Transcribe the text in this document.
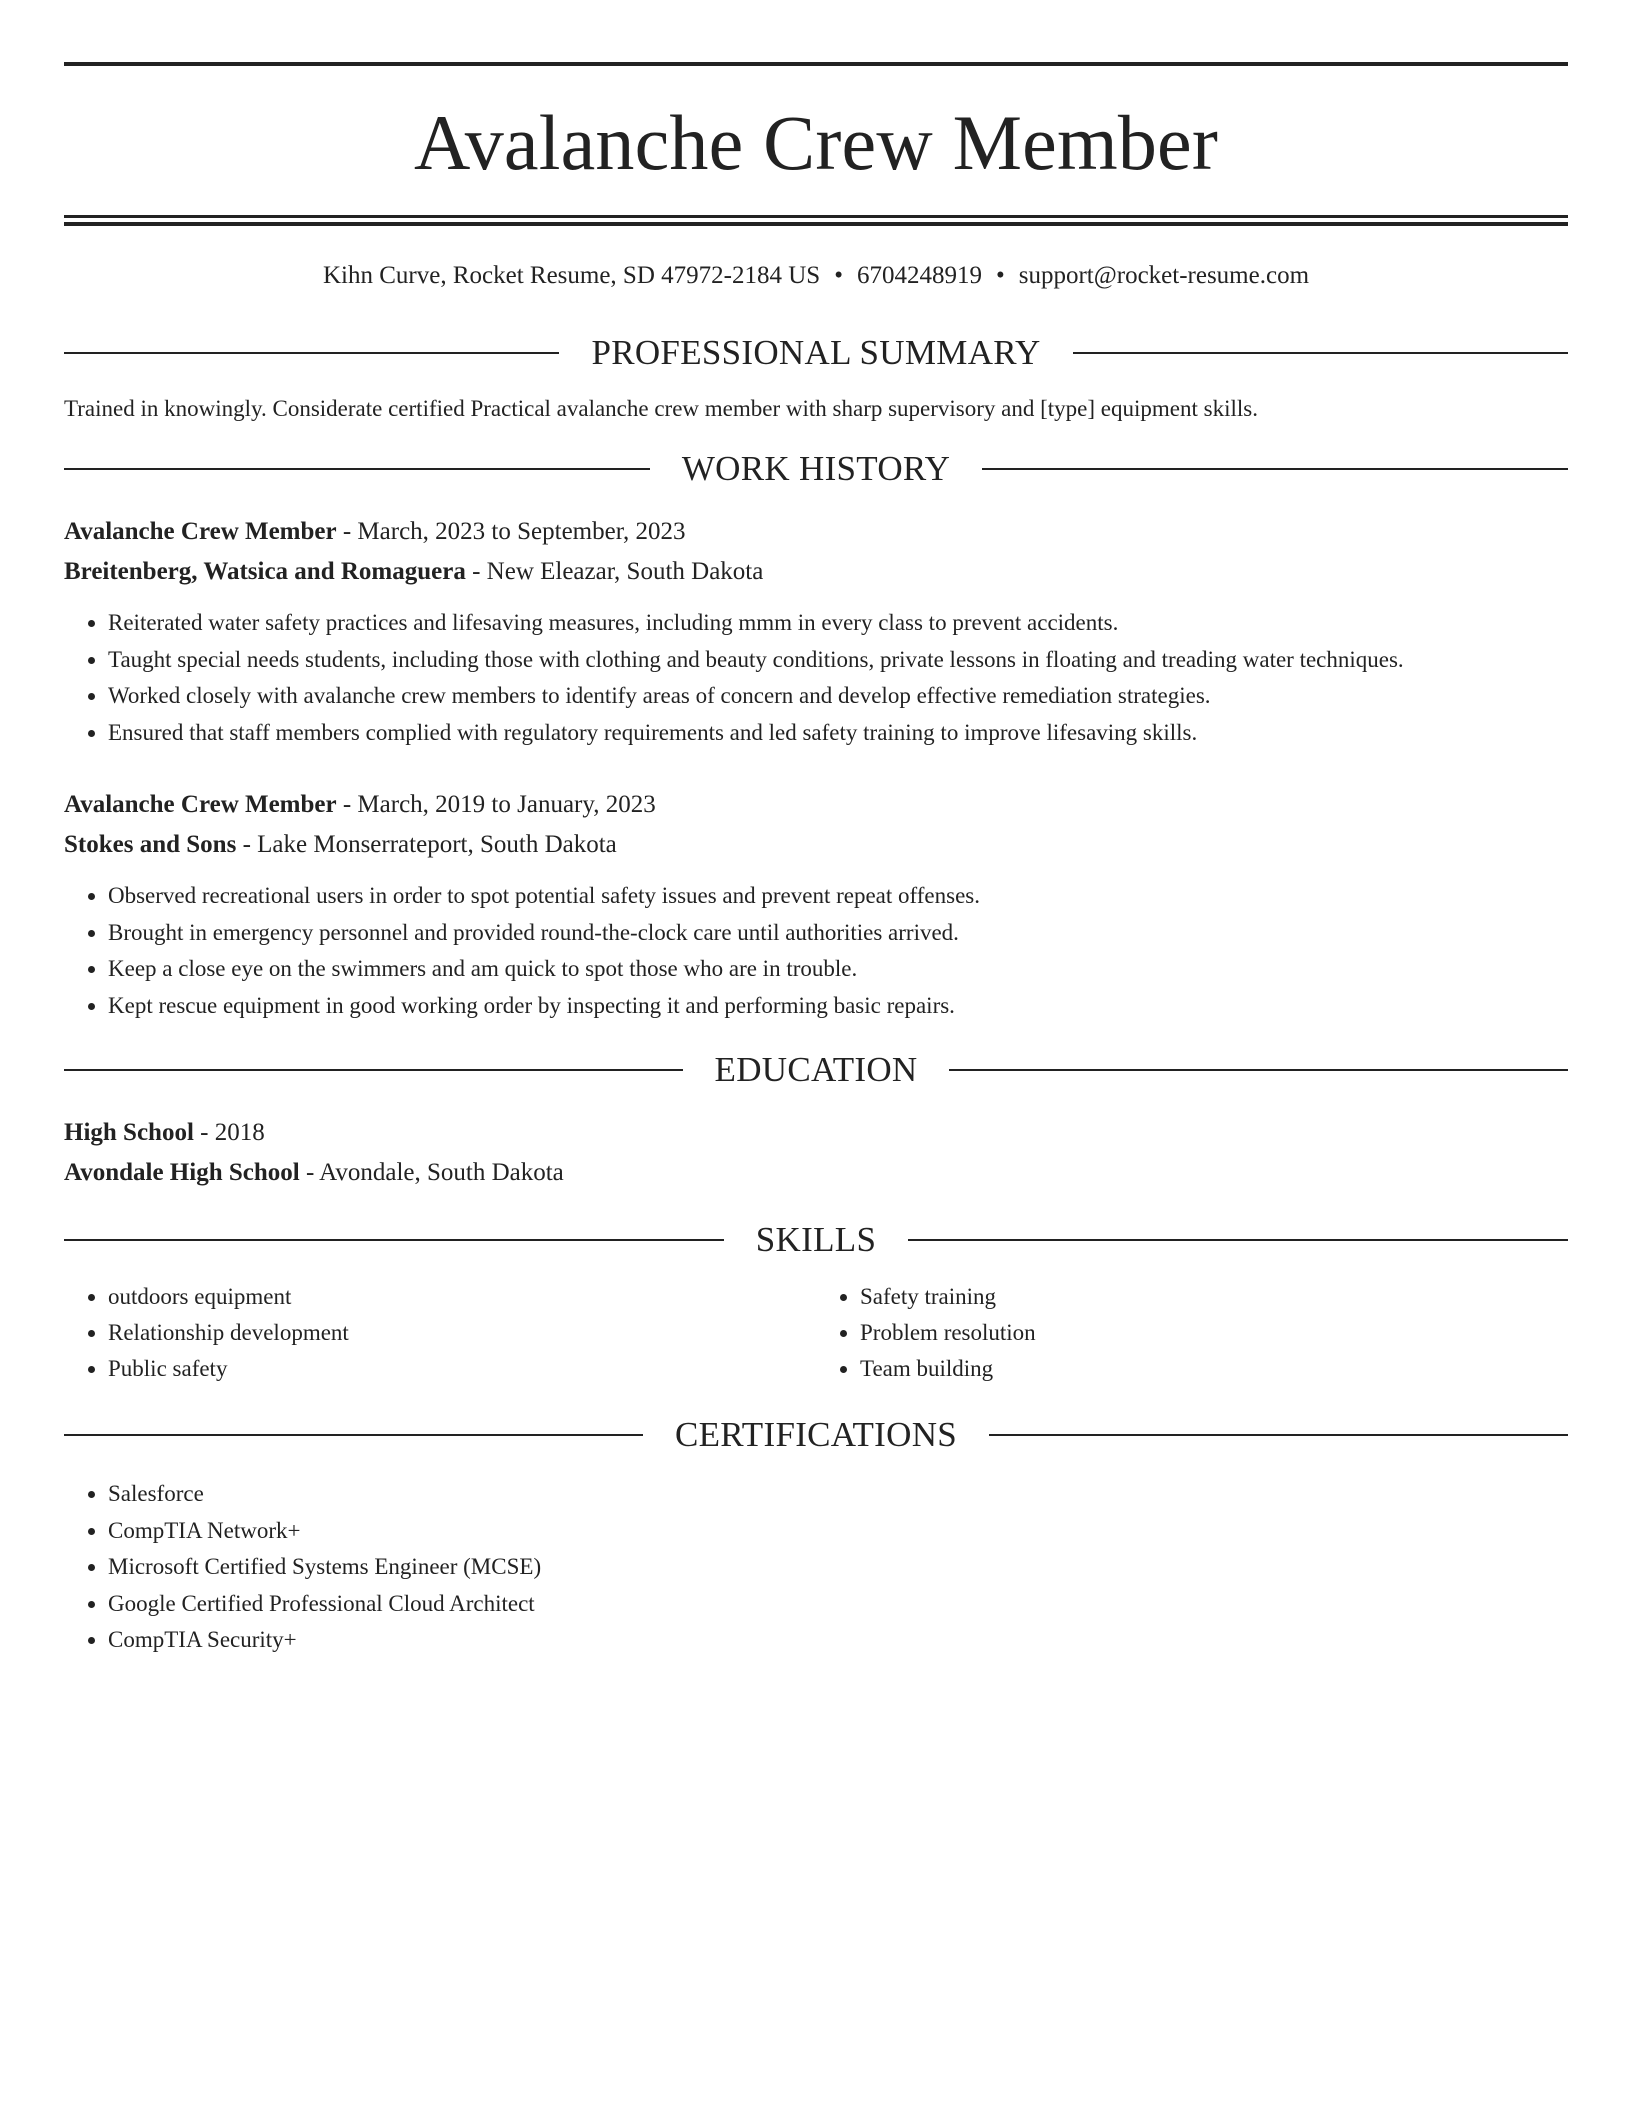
Avalanche Crew Member
Kihn Curve, Rocket Resume, SD 47972-2184 US • 6704248919 • support@rocket-resume.com
PROFESSIONAL SUMMARY
Trained in knowingly. Considerate certified Practical avalanche crew member with sharp supervisory and [type] equipment skills.
WORK HISTORY
Avalanche Crew Member - March, 2023 to September, 2023
Breitenberg, Watsica and Romaguera - New Eleazar, South Dakota
• Reiterated water safety practices and lifesaving measures, including mmm in every class to prevent accidents.
• Taught special needs students, including those with clothing and beauty conditions, private lessons in floating and treading water techniques.
• Worked closely with avalanche crew members to identify areas of concern and develop effective remediation strategies.
• Ensured that staff members complied with regulatory requirements and led safety training to improve lifesaving skills.
Avalanche Crew Member - March, 2019 to January, 2023
Stokes and Sons - Lake Monserrateport, South Dakota
• Observed recreational users in order to spot potential safety issues and prevent repeat offenses.
• Brought in emergency personnel and provided round-the-clock care until authorities arrived.
• Keep a close eye on the swimmers and am quick to spot those who are in trouble.
• Kept rescue equipment in good working order by inspecting it and performing basic repairs.
EDUCATION
High School - 2018
Avondale High School - Avondale, South Dakota
SKILLS
• outdoors equipment
• Relationship development
• Public safety
• Safety training
• Problem resolution
• Team building
CERTIFICATIONS
• Salesforce
• CompTIA Network+
• Microsoft Certified Systems Engineer (MCSE)
• Google Certified Professional Cloud Architect
• CompTIA Security+
